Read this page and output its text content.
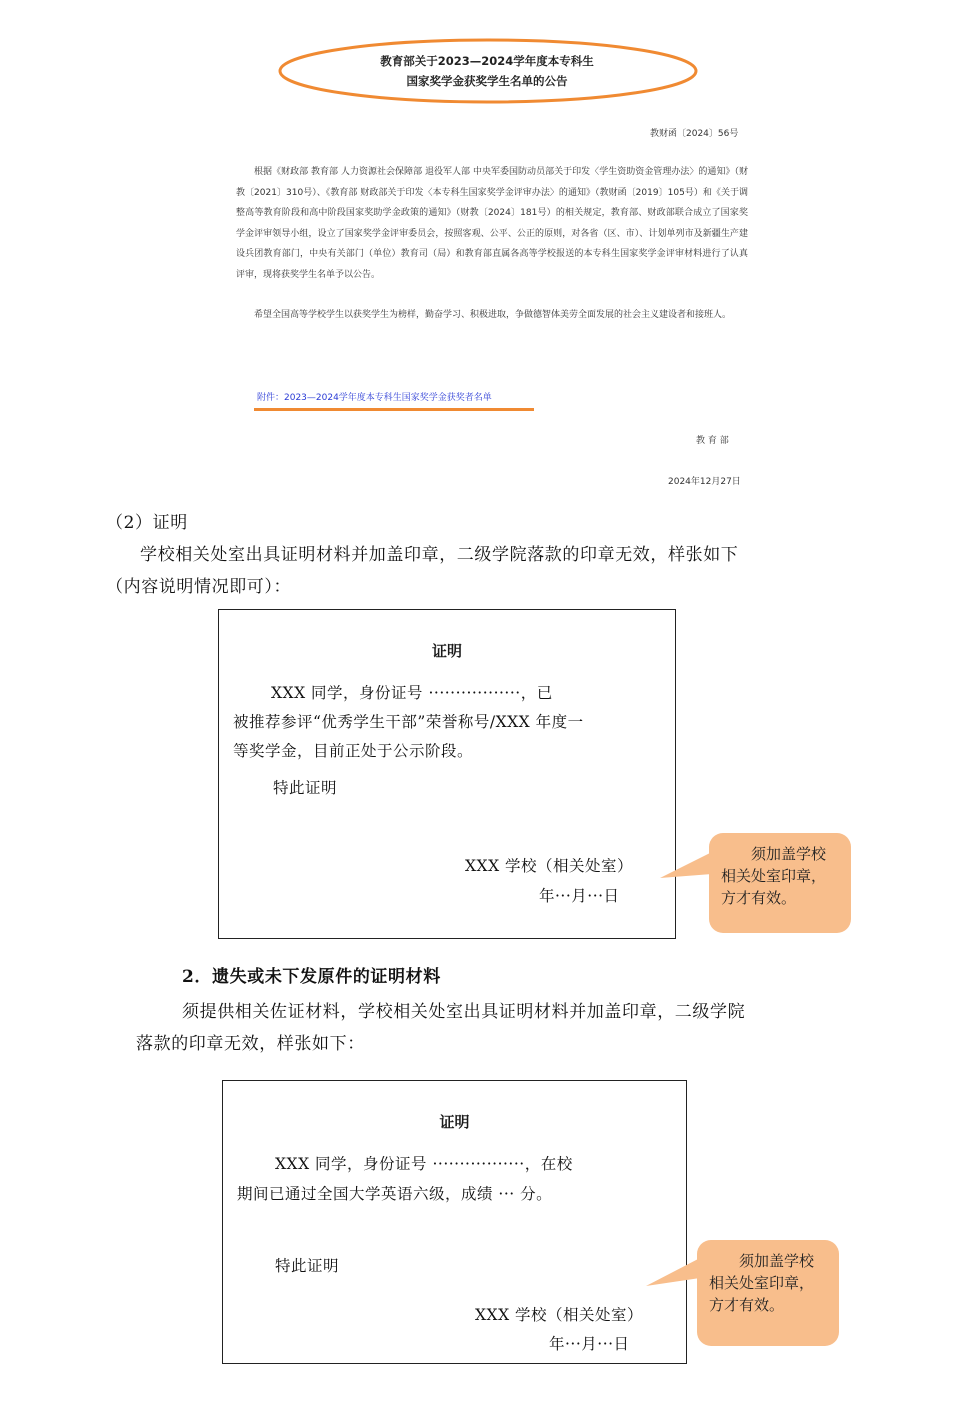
教育部关于2023—2024学年度本专科生
国家奖学金获奖学生名单的公告
教财函〔2024〕56号

根据《财政部 教育部 人力资源社会保障部 退役军人部 中央军委国防动员部关于印发〈学生资助资金管理办法〉的通知》（财教〔2021〕310号）、《教育部 财政部关于印发〈本专科生国家奖学金评审办法〉的通知》（教财函〔2019〕105号）和《关于调整高等教育阶段和高中阶段国家奖助学金政策的通知》（财教〔2024〕181号）的相关规定，教育部、财政部联合成立了国家奖学金评审领导小组，设立了国家奖学金评审委员会，按照客观、公平、公正的原则，对各省（区、市）、计划单列市及新疆生产建设兵团教育部门，中央有关部门（单位）教育司（局）和教育部直属各高等学校报送的本专科生国家奖学金评审材料进行了认真评审，现将获奖学生名单予以公告。

希望全国高等学校学生以获奖学生为榜样，勤奋学习、积极进取，争做德智体美劳全面发展的社会主义建设者和接班人。

附件：2023—2024学年度本专科生国家奖学金获奖者名单
教 育 部
2024年12月27日
（2）证明
学校相关处室出具证明材料并加盖印章，二级学院落款的印章无效，样张如下
（内容说明情况即可）：
证明
XXX 同学，身份证号 ·················，已
被推荐参评“优秀学生干部”荣誉称号/XXX 年度一
等奖学金，目前正处于公示阶段。
特此证明
XXX 学校（相关处室）
年···月···日
须加盖学校
相关处室印章，
方才有效。
2．遗失或未下发原件的证明材料
须提供相关佐证材料，学校相关处室出具证明材料并加盖印章，二级学院
落款的印章无效，样张如下：
证明
XXX 同学，身份证号 ·················，在校
期间已通过全国大学英语六级，成绩 ··· 分。
特此证明
XXX 学校（相关处室）
年···月···日
须加盖学校
相关处室印章，
方才有效。
